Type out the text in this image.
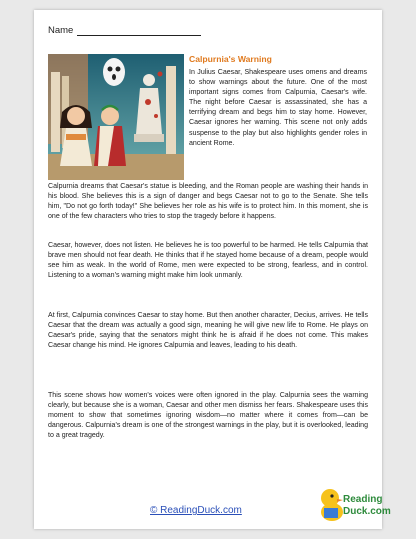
Name
Calpurnia's Warning

In Julius Caesar, Shakespeare uses omens and dreams to show warnings about the future. One of the most important signs comes from Calpurnia, Caesar's wife. The night before Caesar is assassinated, she has a terrifying dream and begs him to stay home. However, Caesar ignores her warning. This scene not only adds suspense to the play but also highlights gender roles in ancient Rome.

Calpurnia dreams that Caesar's statue is bleeding, and the Roman people are washing their hands in his blood. She believes this is a sign of danger and begs Caesar not to go to the Senate. She tells him, "Do not go forth today!" She believes her role as his wife is to protect him. In this moment, she is one of the few characters who tries to stop the tragedy before it happens.

Caesar, however, does not listen. He believes he is too powerful to be harmed. He tells Calpurnia that brave men should not fear death. He thinks that if he stayed home because of a dream, people would see him as weak. In the world of Rome, men were expected to be strong, fearless, and in control. Listening to a woman's warning might make him look unmanly.

At first, Calpurnia convinces Caesar to stay home. But then another character, Decius, arrives. He tells Caesar that the dream was actually a good sign, meaning he will give new life to Rome. He plays on Caesar's pride, saying that the senators might think he is afraid if he does not come. This makes Caesar change his mind. He ignores Calpurnia and leaves, leading to his death.

This scene shows how women's voices were often ignored in the play. Calpurnia sees the warning clearly, but because she is a woman, Caesar and other men dismiss her fears. Shakespeare uses this moment to show that sometimes ignoring wisdom—no matter where it comes from—can be dangerous. Calpurnia's dream is one of the strongest warnings in the play, but it is overlooked, leading to a great tragedy.

© ReadingDuck.com
Reading
Duck.com
